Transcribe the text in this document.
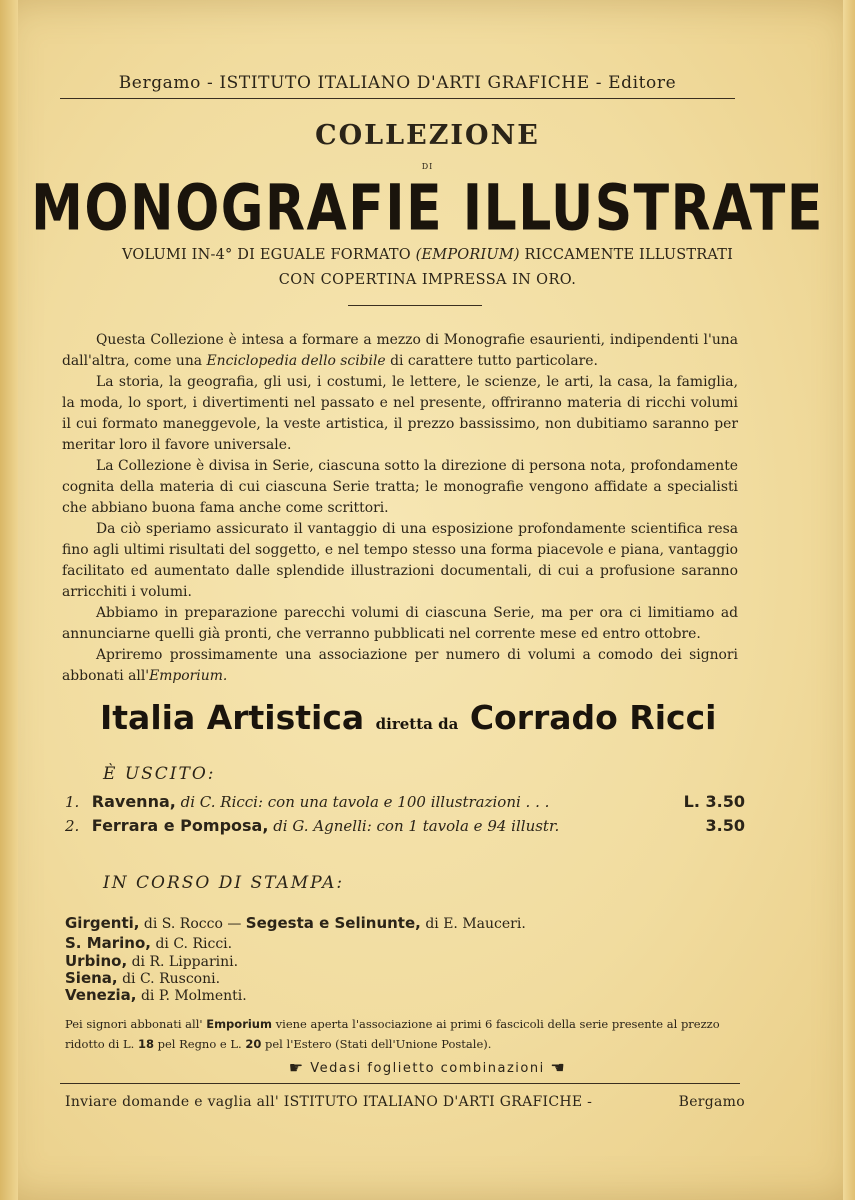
Bergamo - ISTITUTO ITALIANO D'ARTI GRAFICHE - Editore
COLLEZIONE
DI
MONOGRAFIE ILLUSTRATE
VOLUMI IN-4° DI EGUALE FORMATO (EMPORIUM) RICCAMENTE ILLUSTRATI
CON COPERTINA IMPRESSA IN ORO.

Questa Collezione è intesa a formare a mezzo di Monografie esaurienti, indipendenti l'una dall'altra, come una Enciclopedia dello scibile di carattere tutto particolare.

La storia, la geografia, gli usi, i costumi, le lettere, le scienze, le arti, la casa, la famiglia, la moda, lo sport, i divertimenti nel passato e nel presente, offriranno materia di ricchi volumi il cui formato maneggevole, la veste artistica, il prezzo bassissimo, non dubitiamo saranno per meritar loro il favore universale.

La Collezione è divisa in Serie, ciascuna sotto la direzione di persona nota, profondamente cognita della materia di cui ciascuna Serie tratta; le monografie vengono affidate a specialisti che abbiano buona fama anche come scrittori.

Da ciò speriamo assicurato il vantaggio di una esposizione profondamente scientifica resa fino agli ultimi risultati del soggetto, e nel tempo stesso una forma piacevole e piana, vantaggio facilitato ed aumentato dalle splendide illustrazioni documentali, di cui a profusione saranno arricchiti i volumi.

Abbiamo in preparazione parecchi volumi di ciascuna Serie, ma per ora ci limitiamo ad annunciarne quelli già pronti, che verranno pubblicati nel corrente mese ed entro ottobre.

Apriremo prossimamente una associazione per numero di volumi a comodo dei signori abbonati all'Emporium.

Italia Artistica diretta da Corrado Ricci
È USCITO:
1. Ravenna, di C. Ricci: con una tavola e 100 illustrazioni . . .	L. 3.50
2. Ferrara e Pomposa, di G. Agnelli: con 1 tavola e 94 illustr.	3.50
IN CORSO DI STAMPA:
Girgenti, di S. Rocco — Segesta e Selinunte, di E. Mauceri.
S. Marino, di C. Ricci.
Urbino, di R. Lipparini.
Siena, di C. Rusconi.
Venezia, di P. Molmenti.
Pei signori abbonati all' Emporium viene aperta l'associazione ai primi 6 fascicoli della serie presente al prezzo ridotto di L. 18 pel Regno e L. 20 pel l'Estero (Stati dell'Unione Postale).
☛ Vedasi foglietto combinazioni ☚
Inviare domande e vaglia all' ISTITUTO ITALIANO D'ARTI GRAFICHE -	Bergamo
